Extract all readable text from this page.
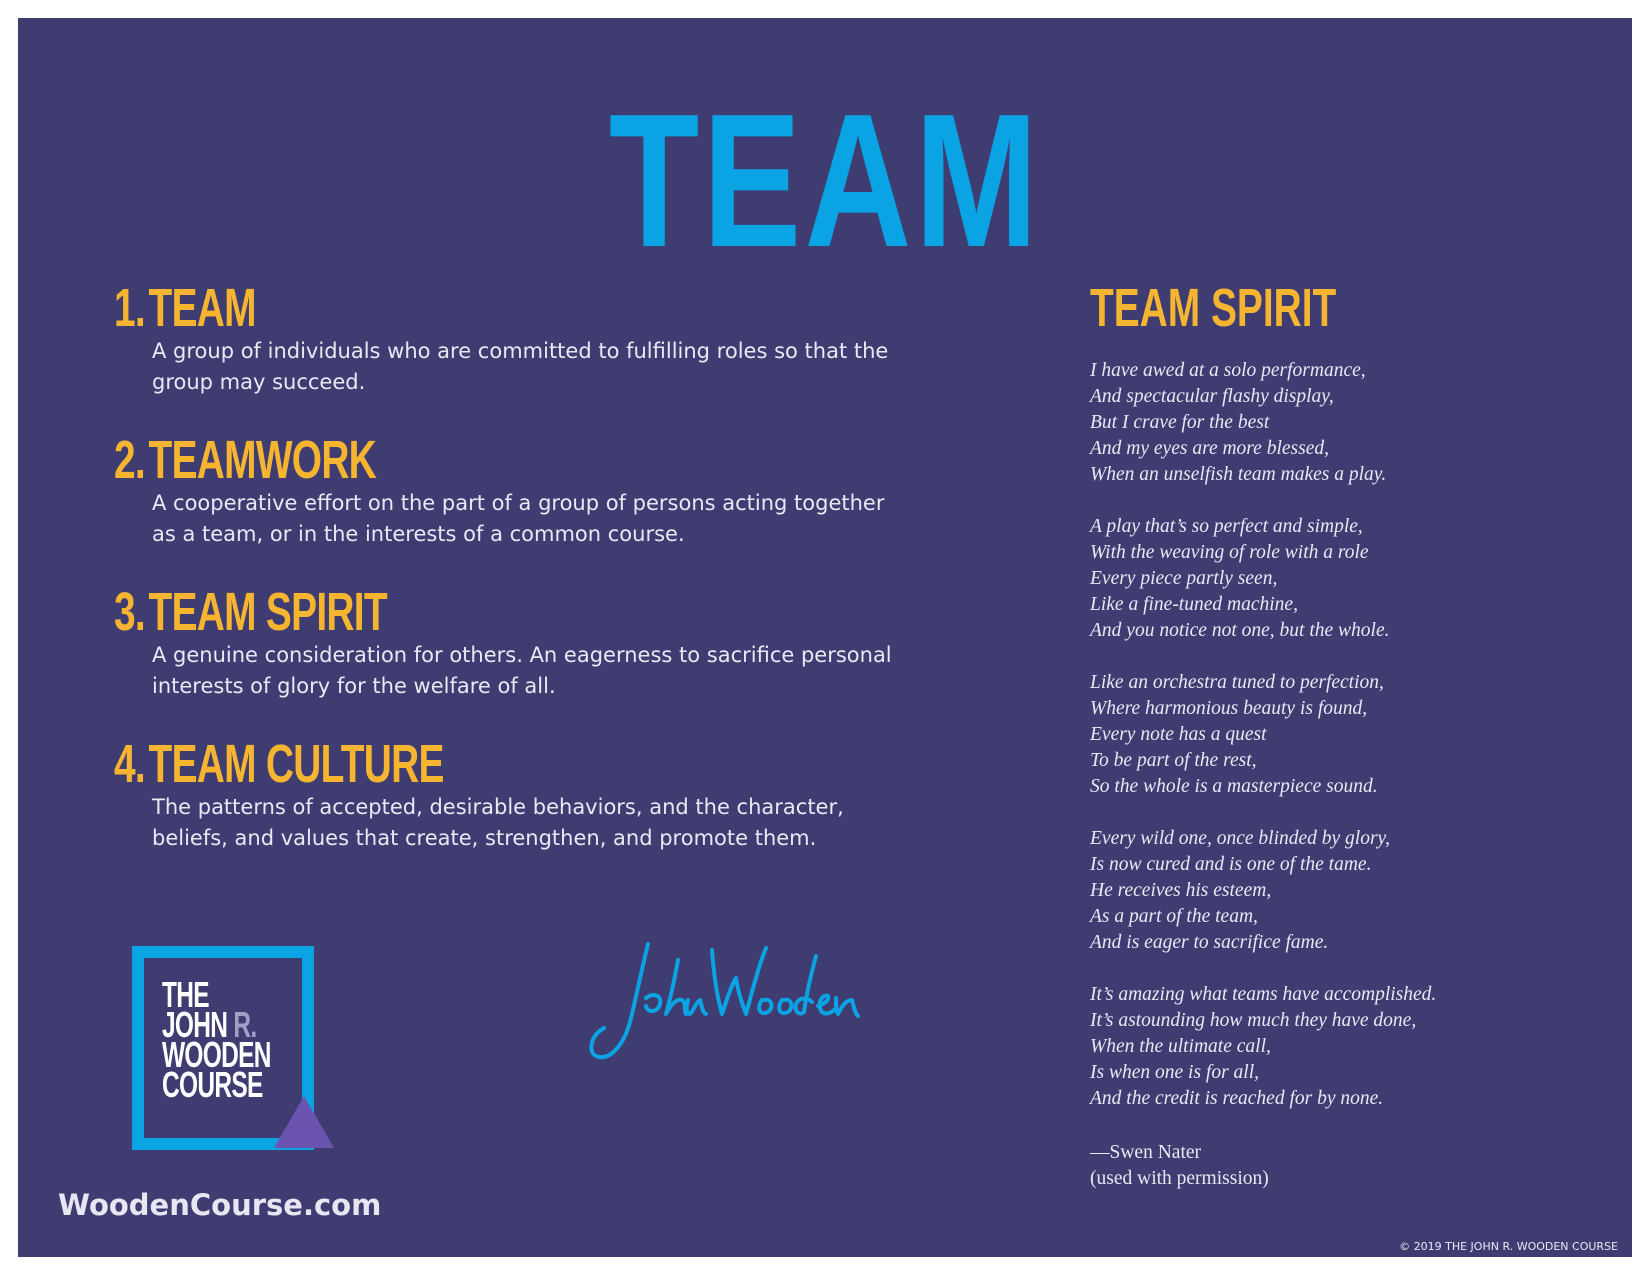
TEAM
1.TEAM
A group of individuals who are committed to fulfilling roles so that the group may succeed.
2.TEAMWORK
A cooperative effort on the part of a group of persons acting together as a team, or in the interests of a common course.
3.TEAM SPIRIT
A genuine consideration for others. An eagerness to sacrifice personal interests of glory for the welfare of all.
4.TEAM CULTURE
The patterns of accepted, desirable behaviors, and the character, beliefs, and values that create, strengthen, and promote them.
TEAM SPIRIT
I have awed at a solo performance,
And spectacular flashy display,
But I crave for the best
And my eyes are more blessed,
When an unselfish team makes a play.
A play that’s so perfect and simple,
With the weaving of role with a role
Every piece partly seen,
Like a fine-tuned machine,
And you notice not one, but the whole.
Like an orchestra tuned to perfection,
Where harmonious beauty is found,
Every note has a quest
To be part of the rest,
So the whole is a masterpiece sound.
Every wild one, once blinded by glory,
Is now cured and is one of the tame.
He receives his esteem,
As a part of the team,
And is eager to sacrifice fame.
It’s amazing what teams have accomplished.
It’s astounding how much they have done,
When the ultimate call,
Is when one is for all,
And the credit is reached for by none.
—Swen Nater
(used with permission)
THE
JOHN R.
WOODEN
COURSE
WoodenCourse.com
© 2019 THE JOHN R. WOODEN COURSE
